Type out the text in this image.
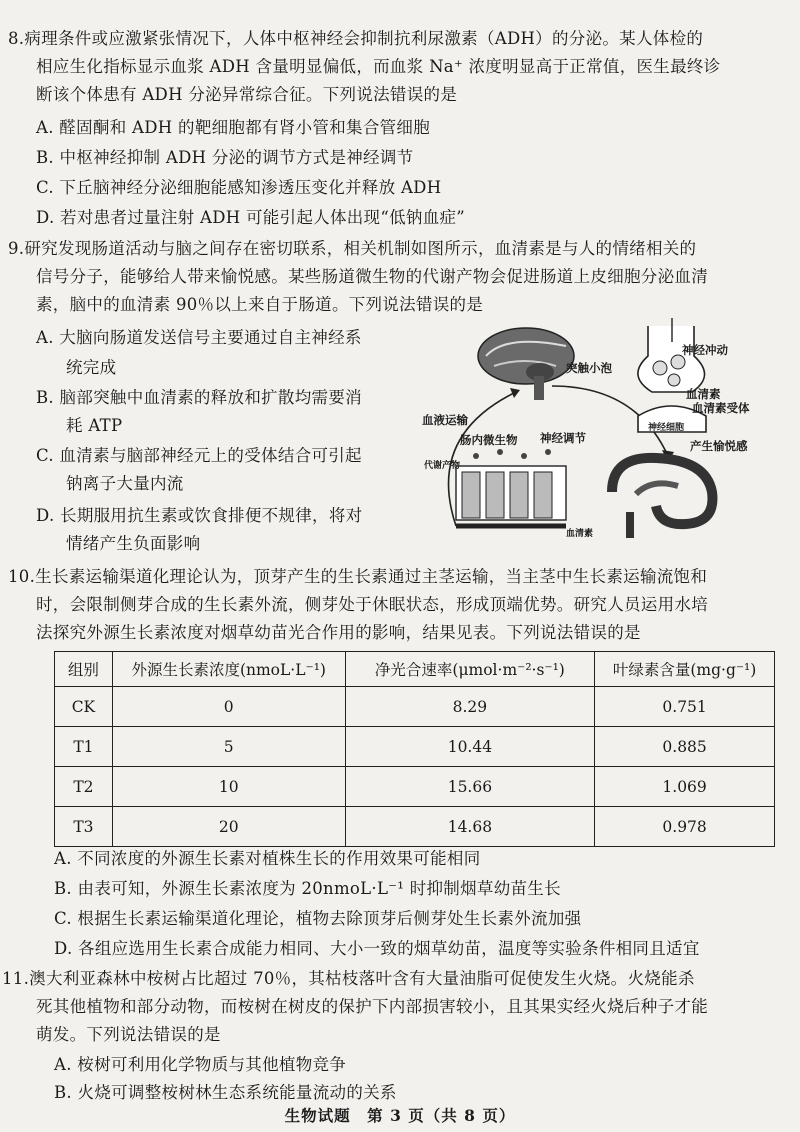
8.病理条件或应激紧张情况下，人体中枢神经会抑制抗利尿激素（ADH）的分泌。某人体检的
相应生化指标显示血浆 ADH 含量明显偏低，而血浆 Na⁺ 浓度明显高于正常值，医生最终诊
断该个体患有 ADH 分泌异常综合征。下列说法错误的是
A. 醛固酮和 ADH 的靶细胞都有肾小管和集合管细胞
B. 中枢神经抑制 ADH 分泌的调节方式是神经调节
C. 下丘脑神经分泌细胞能感知渗透压变化并释放 ADH
D. 若对患者过量注射 ADH 可能引起人体出现“低钠血症”
9.研究发现肠道活动与脑之间存在密切联系，相关机制如图所示，血清素是与人的情绪相关的
信号分子，能够给人带来愉悦感。某些肠道微生物的代谢产物会促进肠道上皮细胞分泌血清
素，脑中的血清素 90％以上来自于肠道。下列说法错误的是
A. 大脑向肠道发送信号主要通过自主神经系
统完成
B. 脑部突触中血清素的释放和扩散均需要消
耗 ATP
C. 血清素与脑部神经元上的受体结合可引起
钠离子大量内流
D. 长期服用抗生素或饮食排便不规律，将对
情绪产生负面影响
突触小泡
神经冲动
血清素
血清素受体
神经细胞
产生愉悦感
血液运输
肠内微生物 神经调节
代谢产物
血清素
10.生长素运输渠道化理论认为，顶芽产生的生长素通过主茎运输，当主茎中生长素运输流饱和
时，会限制侧芽合成的生长素外流，侧芽处于休眠状态，形成顶端优势。研究人员运用水培
法探究外源生长素浓度对烟草幼苗光合作用的影响，结果见表。下列说法错误的是
组别	外源生长素浓度(nmoL·L⁻¹)	净光合速率(μmol·m⁻²·s⁻¹)	叶绿素含量(mg·g⁻¹)
CK	0	8.29	0.751
T1	5	10.44	0.885
T2	10	15.66	1.069
T3	20	14.68	0.978
A. 不同浓度的外源生长素对植株生长的作用效果可能相同
B. 由表可知，外源生长素浓度为 20nmoL·L⁻¹ 时抑制烟草幼苗生长
C. 根据生长素运输渠道化理论，植物去除顶芽后侧芽处生长素外流加强
D. 各组应选用生长素合成能力相同、大小一致的烟草幼苗，温度等实验条件相同且适宜
11.澳大利亚森林中桉树占比超过 70％，其枯枝落叶含有大量油脂可促使发生火烧。火烧能杀
死其他植物和部分动物，而桉树在树皮的保护下内部损害较小，且其果实经火烧后种子才能
萌发。下列说法错误的是
A. 桉树可利用化学物质与其他植物竞争
B. 火烧可调整桉树林生态系统能量流动的关系
生物试题　第 3 页（共 8 页）
